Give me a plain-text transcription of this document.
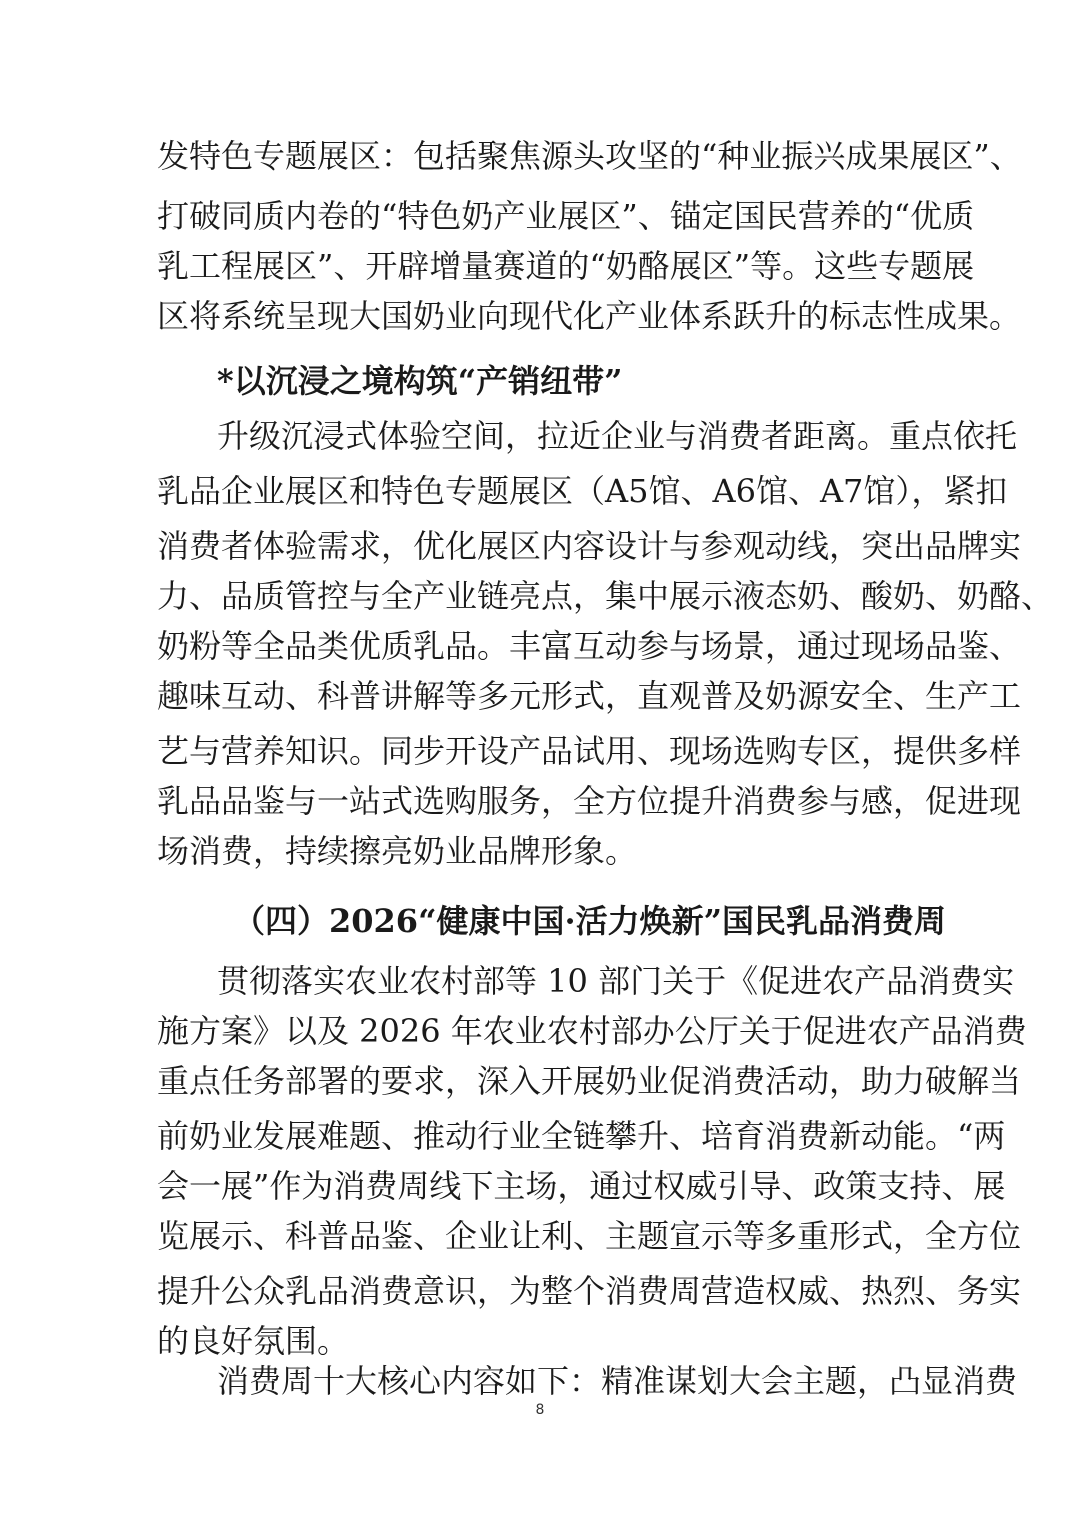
发特色专题展区：包括聚焦源头攻坚的“种业振兴成果展区”、
打破同质内卷的“特色奶产业展区”、锚定国民营养的“优质
乳工程展区”、开辟增量赛道的“奶酪展区”等。这些专题展
区将系统呈现大国奶业向现代化产业体系跃升的标志性成果。
*以沉浸之境构筑“产销纽带”
升级沉浸式体验空间，拉近企业与消费者距离。重点依托
乳品企业展区和特色专题展区（A5馆、A6馆、A7馆），紧扣
消费者体验需求，优化展区内容设计与参观动线，突出品牌实
力、品质管控与全产业链亮点，集中展示液态奶、酸奶、奶酪、
奶粉等全品类优质乳品。丰富互动参与场景，通过现场品鉴、
趣味互动、科普讲解等多元形式，直观普及奶源安全、生产工
艺与营养知识。同步开设产品试用、现场选购专区，提供多样
乳品品鉴与一站式选购服务，全方位提升消费参与感，促进现
场消费，持续擦亮奶业品牌形象。
（四）2026“健康中国·活力焕新”国民乳品消费周
贯彻落实农业农村部等 10 部门关于《促进农产品消费实
施方案》以及 2026 年农业农村部办公厅关于促进农产品消费
重点任务部署的要求，深入开展奶业促消费活动，助力破解当
前奶业发展难题、推动行业全链攀升、培育消费新动能。“两
会一展”作为消费周线下主场，通过权威引导、政策支持、展
览展示、科普品鉴、企业让利、主题宣示等多重形式，全方位
提升公众乳品消费意识，为整个消费周营造权威、热烈、务实
的良好氛围。
消费周十大核心内容如下：精准谋划大会主题，凸显消费
8
